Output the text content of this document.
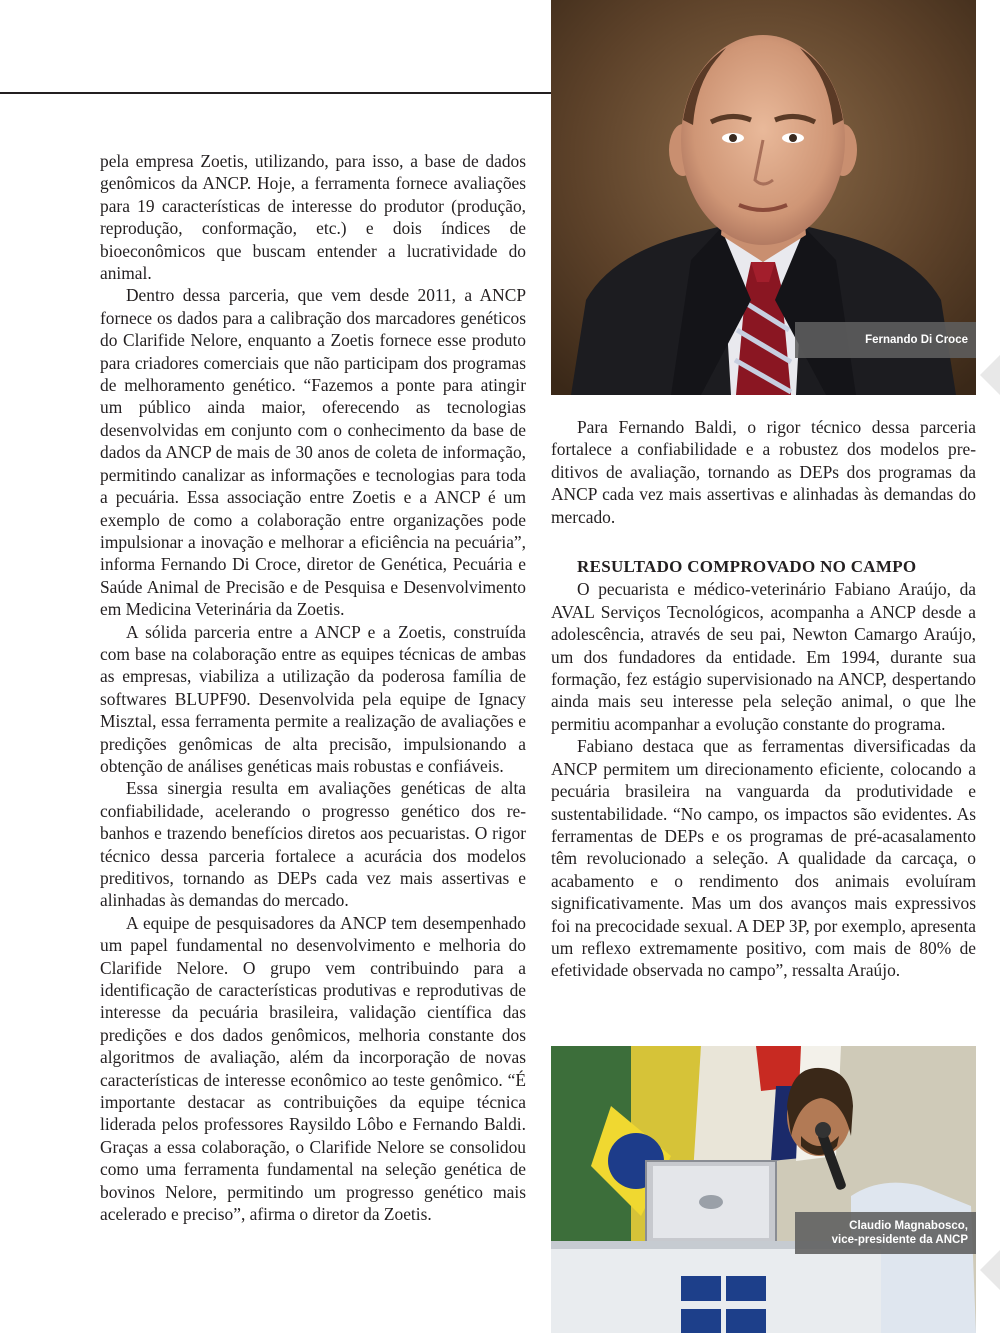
pela empresa Zoetis, utilizando, para isso, a base de dados genômicos da ANCP. Hoje, a ferramenta fornece avaliações para 19 características de interesse do produtor (produção, reprodução, conformação, etc.) e dois índices de bioeconômicos que buscam entender a lucratividade do animal.

Dentro dessa parceria, que vem desde 2011, a ANCP fornece os dados para a calibração dos marcadores genéticos do Clarifide Nelore, enquanto a Zoetis fornece esse produto para criadores comerciais que não participam dos programas de melhoramento genético. “Fazemos a ponte para atingir um público ainda maior, oferecendo as tecnologias desenvolvidas em conjunto com o conhecimento da base de dados da ANCP de mais de 30 anos de coleta de informação, permitindo canalizar as informações e tecnologias para toda a pecuária. Essa associação entre Zoetis e a ANCP é um exemplo de como a colaboração entre organizações pode impulsionar a inovação e melhorar a eficiência na pecuária”, informa Fernando Di Croce, diretor de Genética, Pecuária e Saúde Animal de Precisão e de Pesquisa e Desenvolvimento em Medicina Veterinária da Zoetis.

A sólida parceria entre a ANCP e a Zoetis, construída com base na colaboração entre as equipes técnicas de ambas as empresas, viabiliza a utilização da poderosa família de softwares BLUPF90. Desenvolvida pela equipe de Ignacy Misztal, essa ferramenta permite a realização de avaliações e predições genômicas de alta precisão, impulsionando a obtenção de análises genéticas mais robustas e confiáveis.

Essa sinergia resulta em avaliações genéticas de alta confiabilidade, acelerando o progresso genético dos rebanhos e trazendo benefícios diretos aos pecuaristas. O rigor técnico dessa parceria fortalece a acurácia dos modelos preditivos, tornando as DEPs cada vez mais assertivas e alinhadas às demandas do mercado.

A equipe de pesquisadores da ANCP tem desempenhado um papel fundamental no desenvolvimento e melhoria do Clarifide Nelore. O grupo vem contribuindo para a identificação de características produtivas e reprodutivas de interesse da pecuária brasileira, validação científica das predições e dos dados genômicos, melhoria constante dos algoritmos de avaliação, além da incorporação de novas características de interesse econômico ao teste genômico. “É importante destacar as contribuições da equipe técnica liderada pelos professores Raysildo Lôbo e Fernando Baldi. Graças a essa colaboração, o Clarifide Nelore se consolidou como uma ferramenta fundamental na seleção genética de bovinos Nelore, permitindo um progresso genético mais acelerado e preciso”, afirma o diretor da Zoetis.

Fernando Di Croce

Para Fernando Baldi, o rigor técnico dessa parceria fortalece a confiabilidade e a robustez dos modelos preditivos de avaliação, tornando as DEPs dos programas da ANCP cada vez mais assertivas e alinhadas às demandas do mercado.

RESULTADO COMPROVADO NO CAMPO

O pecuarista e médico-veterinário Fabiano Araújo, da AVAL Serviços Tecnológicos, acompanha a ANCP desde a adolescência, através de seu pai, Newton Camargo Araújo, um dos fundadores da entidade. Em 1994, durante sua formação, fez estágio supervisionado na ANCP, despertando ainda mais seu interesse pela seleção animal, o que lhe permitiu acompanhar a evolução constante do programa.

Fabiano destaca que as ferramentas diversificadas da ANCP permitem um direcionamento eficiente, colocando a pecuária brasileira na vanguarda da produtividade e sustentabilidade. “No campo, os impactos são evidentes. As ferramentas de DEPs e os programas de pré-acasalamento têm revolucionado a seleção. A qualidade da carcaça, o acabamento e o rendimento dos animais evoluíram significativamente. Mas um dos avanços mais expressivos foi na precocidade sexual. A DEP 3P, por exemplo, apresenta um reflexo extremamente positivo, com mais de 80% de efetividade observada no campo”, ressalta Araújo.

Claudio Magnabosco,
vice-presidente da ANCP
